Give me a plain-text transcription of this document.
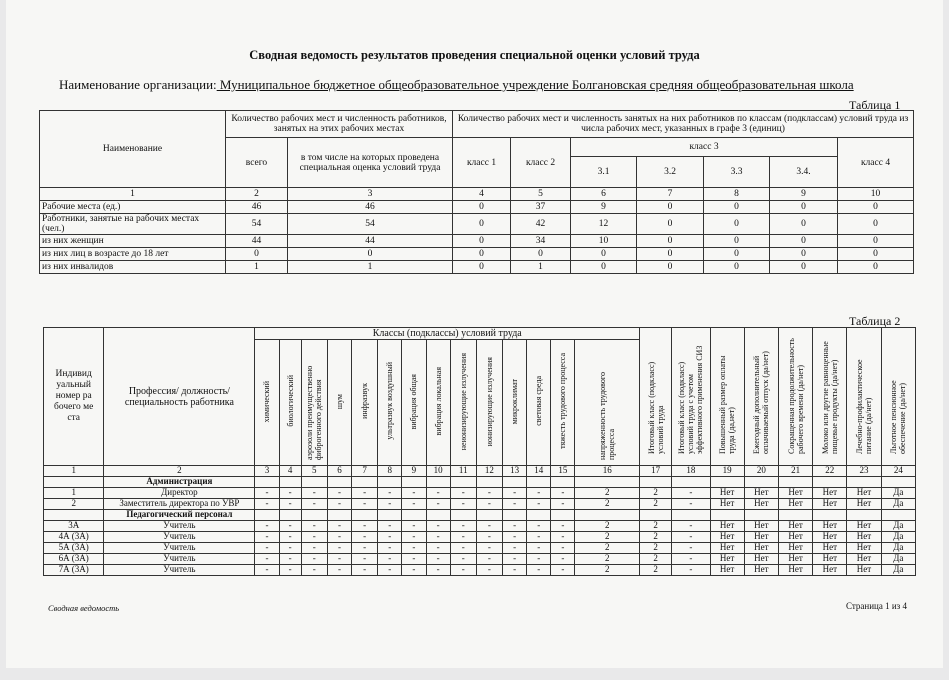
Сводная ведомость результатов проведения специальной оценки условий труда
Наименование организации: Муниципальное бюджетное общеобразовательное учреждение Болгановская средняя общеобразовательная школа
Таблица 1
Наименование	Количество рабочих мест и численность работников, занятых на этих рабочих местах		Количество рабочих мест и численность занятых на них работников по классам (подклассам) условий труда из числа рабочих мест, указанных в графе 3 (единиц)						
	всего	в том числе на которых проведена специальная оценка условий труда	класс 1	класс 2	класс 3				класс 4
					3.1	3.2	3.3	3.4.	
1	2	3	4	5	6	7	8	9	10
Рабочие места (ед.)	46	46	0	37	9	0	0	0	0
Работники, занятые на рабочих местах (чел.)	54	54	0	42	12	0	0	0	0
из них женщин	44	44	0	34	10	0	0	0	0
из них лиц в возрасте до 18 лет	0	0	0	0	0	0	0	0	0
из них инвалидов	1	1	0	1	0	0	0	0	0
Таблица 2
Индивидуальный номер рабочего места	Профессия/ должность/ специальность работника	Классы (подклассы) условий труда														Итоговый класс (подкласс) условий труда	Итоговый класс (подкласс) условий труда с учетом эффективного применения СИЗ	Повышенный размер оплаты труда (да,нет)	Ежегодный дополнительный оплачиваемый отпуск (да/нет)	Сокращенная продолжительность рабочего времени (да/нет)	Молоко или другие равноценные пищевые продукты (да/нет)	Лечебно-профилактическое питание (да/нет)	Льготное пенсионное обеспечение (да/нет)
		химический	биологический	аэрозоли преимущественно фиброгенного действия	шум	инфразвук	ультразвук воздушный	вибрация общая	вибрация локальная	неионизирующие излучения	ионизирующие излучения	микроклимат	световая среда	тяжесть трудового процесса	напряженность трудового процесса								
1	2	3	4	5	6	7	8	9	10	11	12	13	14	15	16	17	18	19	20	21	22	23	24
	Администрация																						
1	Директор	-	-	-	-	-	-	-	-	-	-	-	-	-	2	2	-	Нет	Нет	Нет	Нет	Нет	Да
2	Заместитель директора по УВР	-	-	-	-	-	-	-	-	-	-	-	-	-	2	2	-	Нет	Нет	Нет	Нет	Нет	Да
	Педагогический персонал																						
3А	Учитель	-	-	-	-	-	-	-	-	-	-	-	-	-	2	2	-	Нет	Нет	Нет	Нет	Нет	Да
4А (3А)	Учитель	-	-	-	-	-	-	-	-	-	-	-	-	-	2	2	-	Нет	Нет	Нет	Нет	Нет	Да
5А (3А)	Учитель	-	-	-	-	-	-	-	-	-	-	-	-	-	2	2	-	Нет	Нет	Нет	Нет	Нет	Да
6А (3А)	Учитель	-	-	-	-	-	-	-	-	-	-	-	-	-	2	2	-	Нет	Нет	Нет	Нет	Нет	Да
7А (3А)	Учитель	-	-	-	-	-	-	-	-	-	-	-	-	-	2	2	-	Нет	Нет	Нет	Нет	Нет	Да
Сводная ведомость	Страница 1 из 4
